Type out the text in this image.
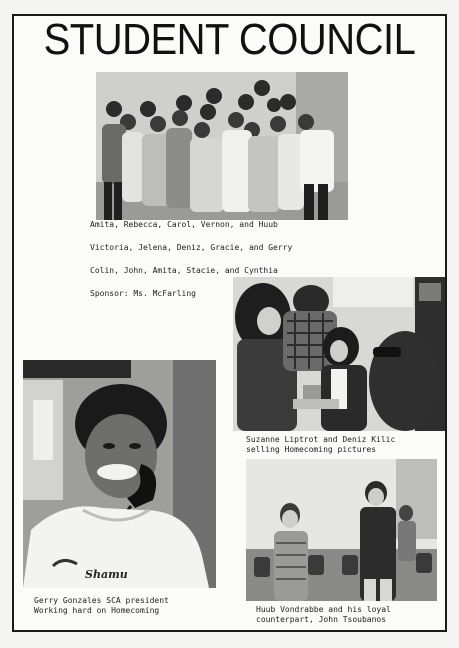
STUDENT COUNCIL
Amita, Rebecca, Carol, Vernon, and Huub
Victoria, Jelena, Deniz, Gracie, and Gerry
Colin, John, Amita, Stacie, and Cynthia
Sponsor: Ms. McFarling
Suzanne Liptrot and Deniz Kilic
selling Homecoming pictures
Shamu
Gerry Gonzales SCA president
Working hard on Homecoming	Huub Vondrabbe and his loyal
counterpart, John Tsoubanos
